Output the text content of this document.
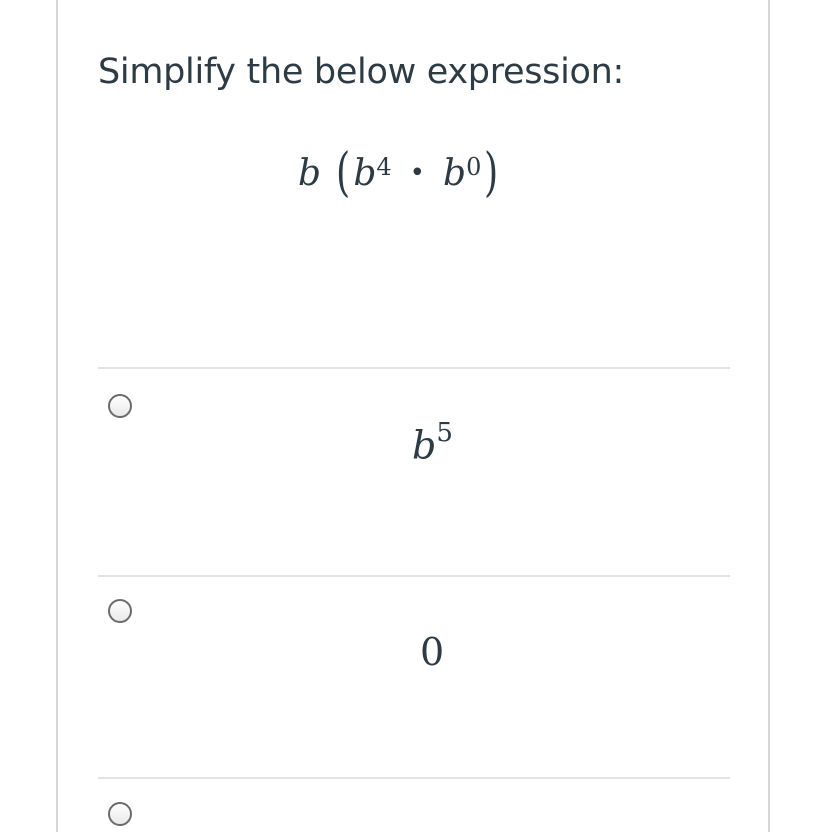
Simplify the below expression:
b ( $b^4$ • $b^0$ )
$b^5$
0
